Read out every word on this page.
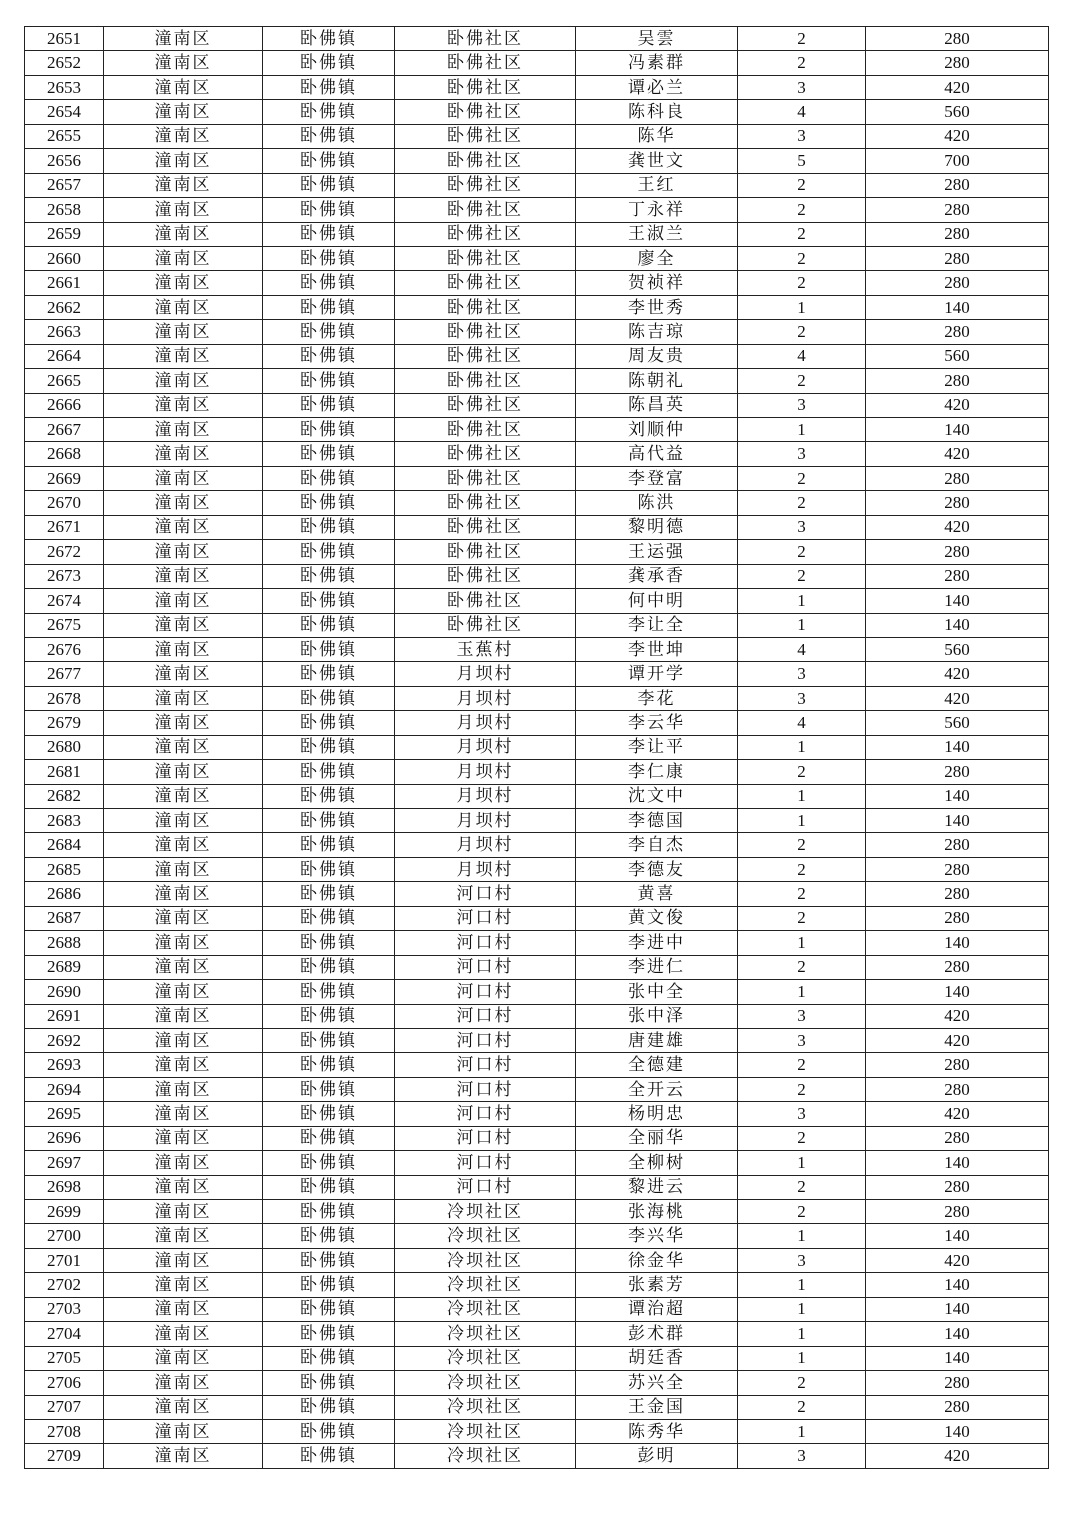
2651	潼南区	卧佛镇	卧佛社区	吴雲	2	280
2652	潼南区	卧佛镇	卧佛社区	冯素群	2	280
2653	潼南区	卧佛镇	卧佛社区	谭必兰	3	420
2654	潼南区	卧佛镇	卧佛社区	陈科良	4	560
2655	潼南区	卧佛镇	卧佛社区	陈华	3	420
2656	潼南区	卧佛镇	卧佛社区	龚世文	5	700
2657	潼南区	卧佛镇	卧佛社区	王红	2	280
2658	潼南区	卧佛镇	卧佛社区	丁永祥	2	280
2659	潼南区	卧佛镇	卧佛社区	王淑兰	2	280
2660	潼南区	卧佛镇	卧佛社区	廖全	2	280
2661	潼南区	卧佛镇	卧佛社区	贺祯祥	2	280
2662	潼南区	卧佛镇	卧佛社区	李世秀	1	140
2663	潼南区	卧佛镇	卧佛社区	陈吉琼	2	280
2664	潼南区	卧佛镇	卧佛社区	周友贵	4	560
2665	潼南区	卧佛镇	卧佛社区	陈朝礼	2	280
2666	潼南区	卧佛镇	卧佛社区	陈昌英	3	420
2667	潼南区	卧佛镇	卧佛社区	刘顺仲	1	140
2668	潼南区	卧佛镇	卧佛社区	高代益	3	420
2669	潼南区	卧佛镇	卧佛社区	李登富	2	280
2670	潼南区	卧佛镇	卧佛社区	陈洪	2	280
2671	潼南区	卧佛镇	卧佛社区	黎明德	3	420
2672	潼南区	卧佛镇	卧佛社区	王运强	2	280
2673	潼南区	卧佛镇	卧佛社区	龚承香	2	280
2674	潼南区	卧佛镇	卧佛社区	何中明	1	140
2675	潼南区	卧佛镇	卧佛社区	李让全	1	140
2676	潼南区	卧佛镇	玉蕉村	李世坤	4	560
2677	潼南区	卧佛镇	月坝村	谭开学	3	420
2678	潼南区	卧佛镇	月坝村	李花	3	420
2679	潼南区	卧佛镇	月坝村	李云华	4	560
2680	潼南区	卧佛镇	月坝村	李让平	1	140
2681	潼南区	卧佛镇	月坝村	李仁康	2	280
2682	潼南区	卧佛镇	月坝村	沈文中	1	140
2683	潼南区	卧佛镇	月坝村	李德国	1	140
2684	潼南区	卧佛镇	月坝村	李自杰	2	280
2685	潼南区	卧佛镇	月坝村	李德友	2	280
2686	潼南区	卧佛镇	河口村	黄喜	2	280
2687	潼南区	卧佛镇	河口村	黄文俊	2	280
2688	潼南区	卧佛镇	河口村	李进中	1	140
2689	潼南区	卧佛镇	河口村	李进仁	2	280
2690	潼南区	卧佛镇	河口村	张中全	1	140
2691	潼南区	卧佛镇	河口村	张中泽	3	420
2692	潼南区	卧佛镇	河口村	唐建雄	3	420
2693	潼南区	卧佛镇	河口村	全德建	2	280
2694	潼南区	卧佛镇	河口村	全开云	2	280
2695	潼南区	卧佛镇	河口村	杨明忠	3	420
2696	潼南区	卧佛镇	河口村	全丽华	2	280
2697	潼南区	卧佛镇	河口村	全柳树	1	140
2698	潼南区	卧佛镇	河口村	黎进云	2	280
2699	潼南区	卧佛镇	冷坝社区	张海桃	2	280
2700	潼南区	卧佛镇	冷坝社区	李兴华	1	140
2701	潼南区	卧佛镇	冷坝社区	徐金华	3	420
2702	潼南区	卧佛镇	冷坝社区	张素芳	1	140
2703	潼南区	卧佛镇	冷坝社区	谭治超	1	140
2704	潼南区	卧佛镇	冷坝社区	彭术群	1	140
2705	潼南区	卧佛镇	冷坝社区	胡廷香	1	140
2706	潼南区	卧佛镇	冷坝社区	苏兴全	2	280
2707	潼南区	卧佛镇	冷坝社区	王金国	2	280
2708	潼南区	卧佛镇	冷坝社区	陈秀华	1	140
2709	潼南区	卧佛镇	冷坝社区	彭明	3	420
